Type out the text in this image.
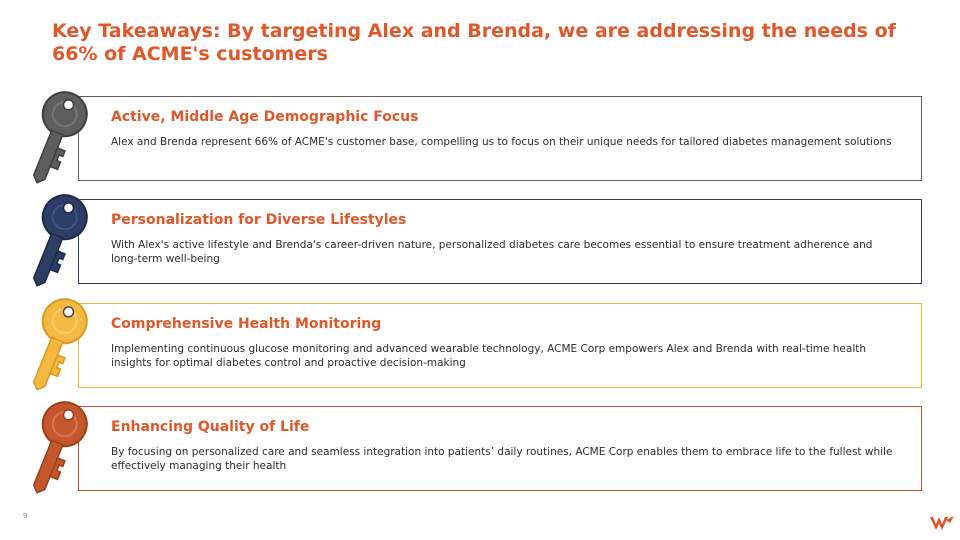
Key Takeaways: By targeting Alex and Brenda, we are addressing the needs of 66% of ACME's customers
Active, Middle Age Demographic Focus
Alex and Brenda represent 66% of ACME's customer base, compelling us to focus on their unique needs for tailored diabetes management solutions
Personalization for Diverse Lifestyles
With Alex's active lifestyle and Brenda's career-driven nature, personalized diabetes care becomes essential to ensure treatment adherence and long-term well-being
Comprehensive Health Monitoring
Implementing continuous glucose monitoring and advanced wearable technology, ACME Corp empowers Alex and Brenda with real-time health insights for optimal diabetes control and proactive decision-making
Enhancing Quality of Life
By focusing on personalized care and seamless integration into patients’ daily routines, ACME Corp enables them to embrace life to the fullest while effectively managing their health
9
